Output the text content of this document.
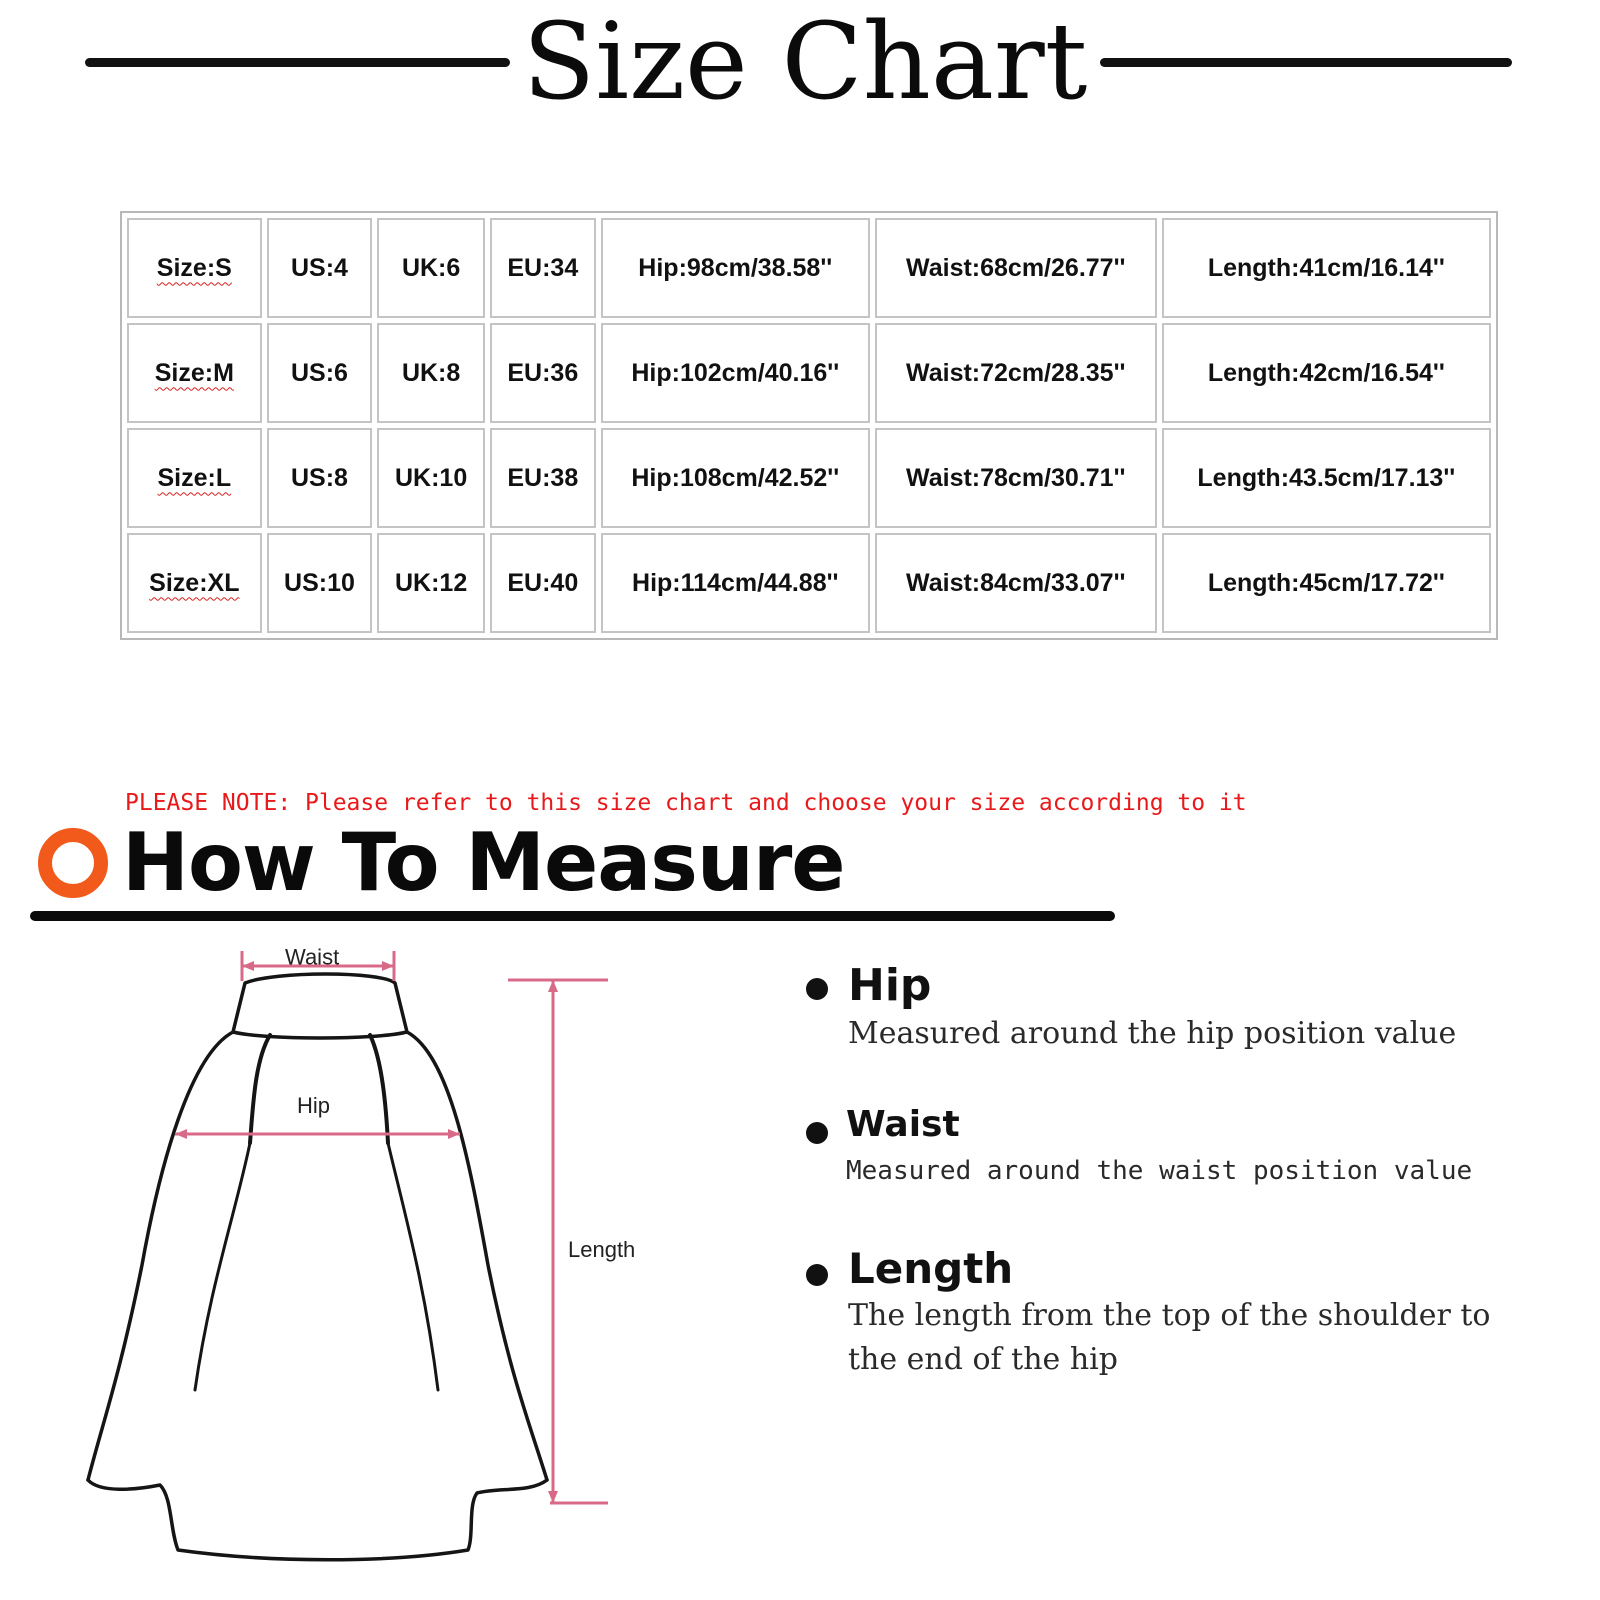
Size Chart
Size:S	US:4	UK:6	EU:34	Hip:98cm/38.58''	Waist:68cm/26.77''	Length:41cm/16.14''
Size:M	US:6	UK:8	EU:36	Hip:102cm/40.16''	Waist:72cm/28.35''	Length:42cm/16.54''
Size:L	US:8	UK:10	EU:38	Hip:108cm/42.52''	Waist:78cm/30.71''	Length:43.5cm/17.13''
Size:XL	US:10	UK:12	EU:40	Hip:114cm/44.88''	Waist:84cm/33.07''	Length:45cm/17.72''
PLEASE NOTE: Please refer to this size chart and choose your size according to it
How To Measure
Waist
Hip
Length
Hip
Measured around the hip position value
Waist
Measured around the waist position value
Length
The length from the top of the shoulder to
the end of the hip
